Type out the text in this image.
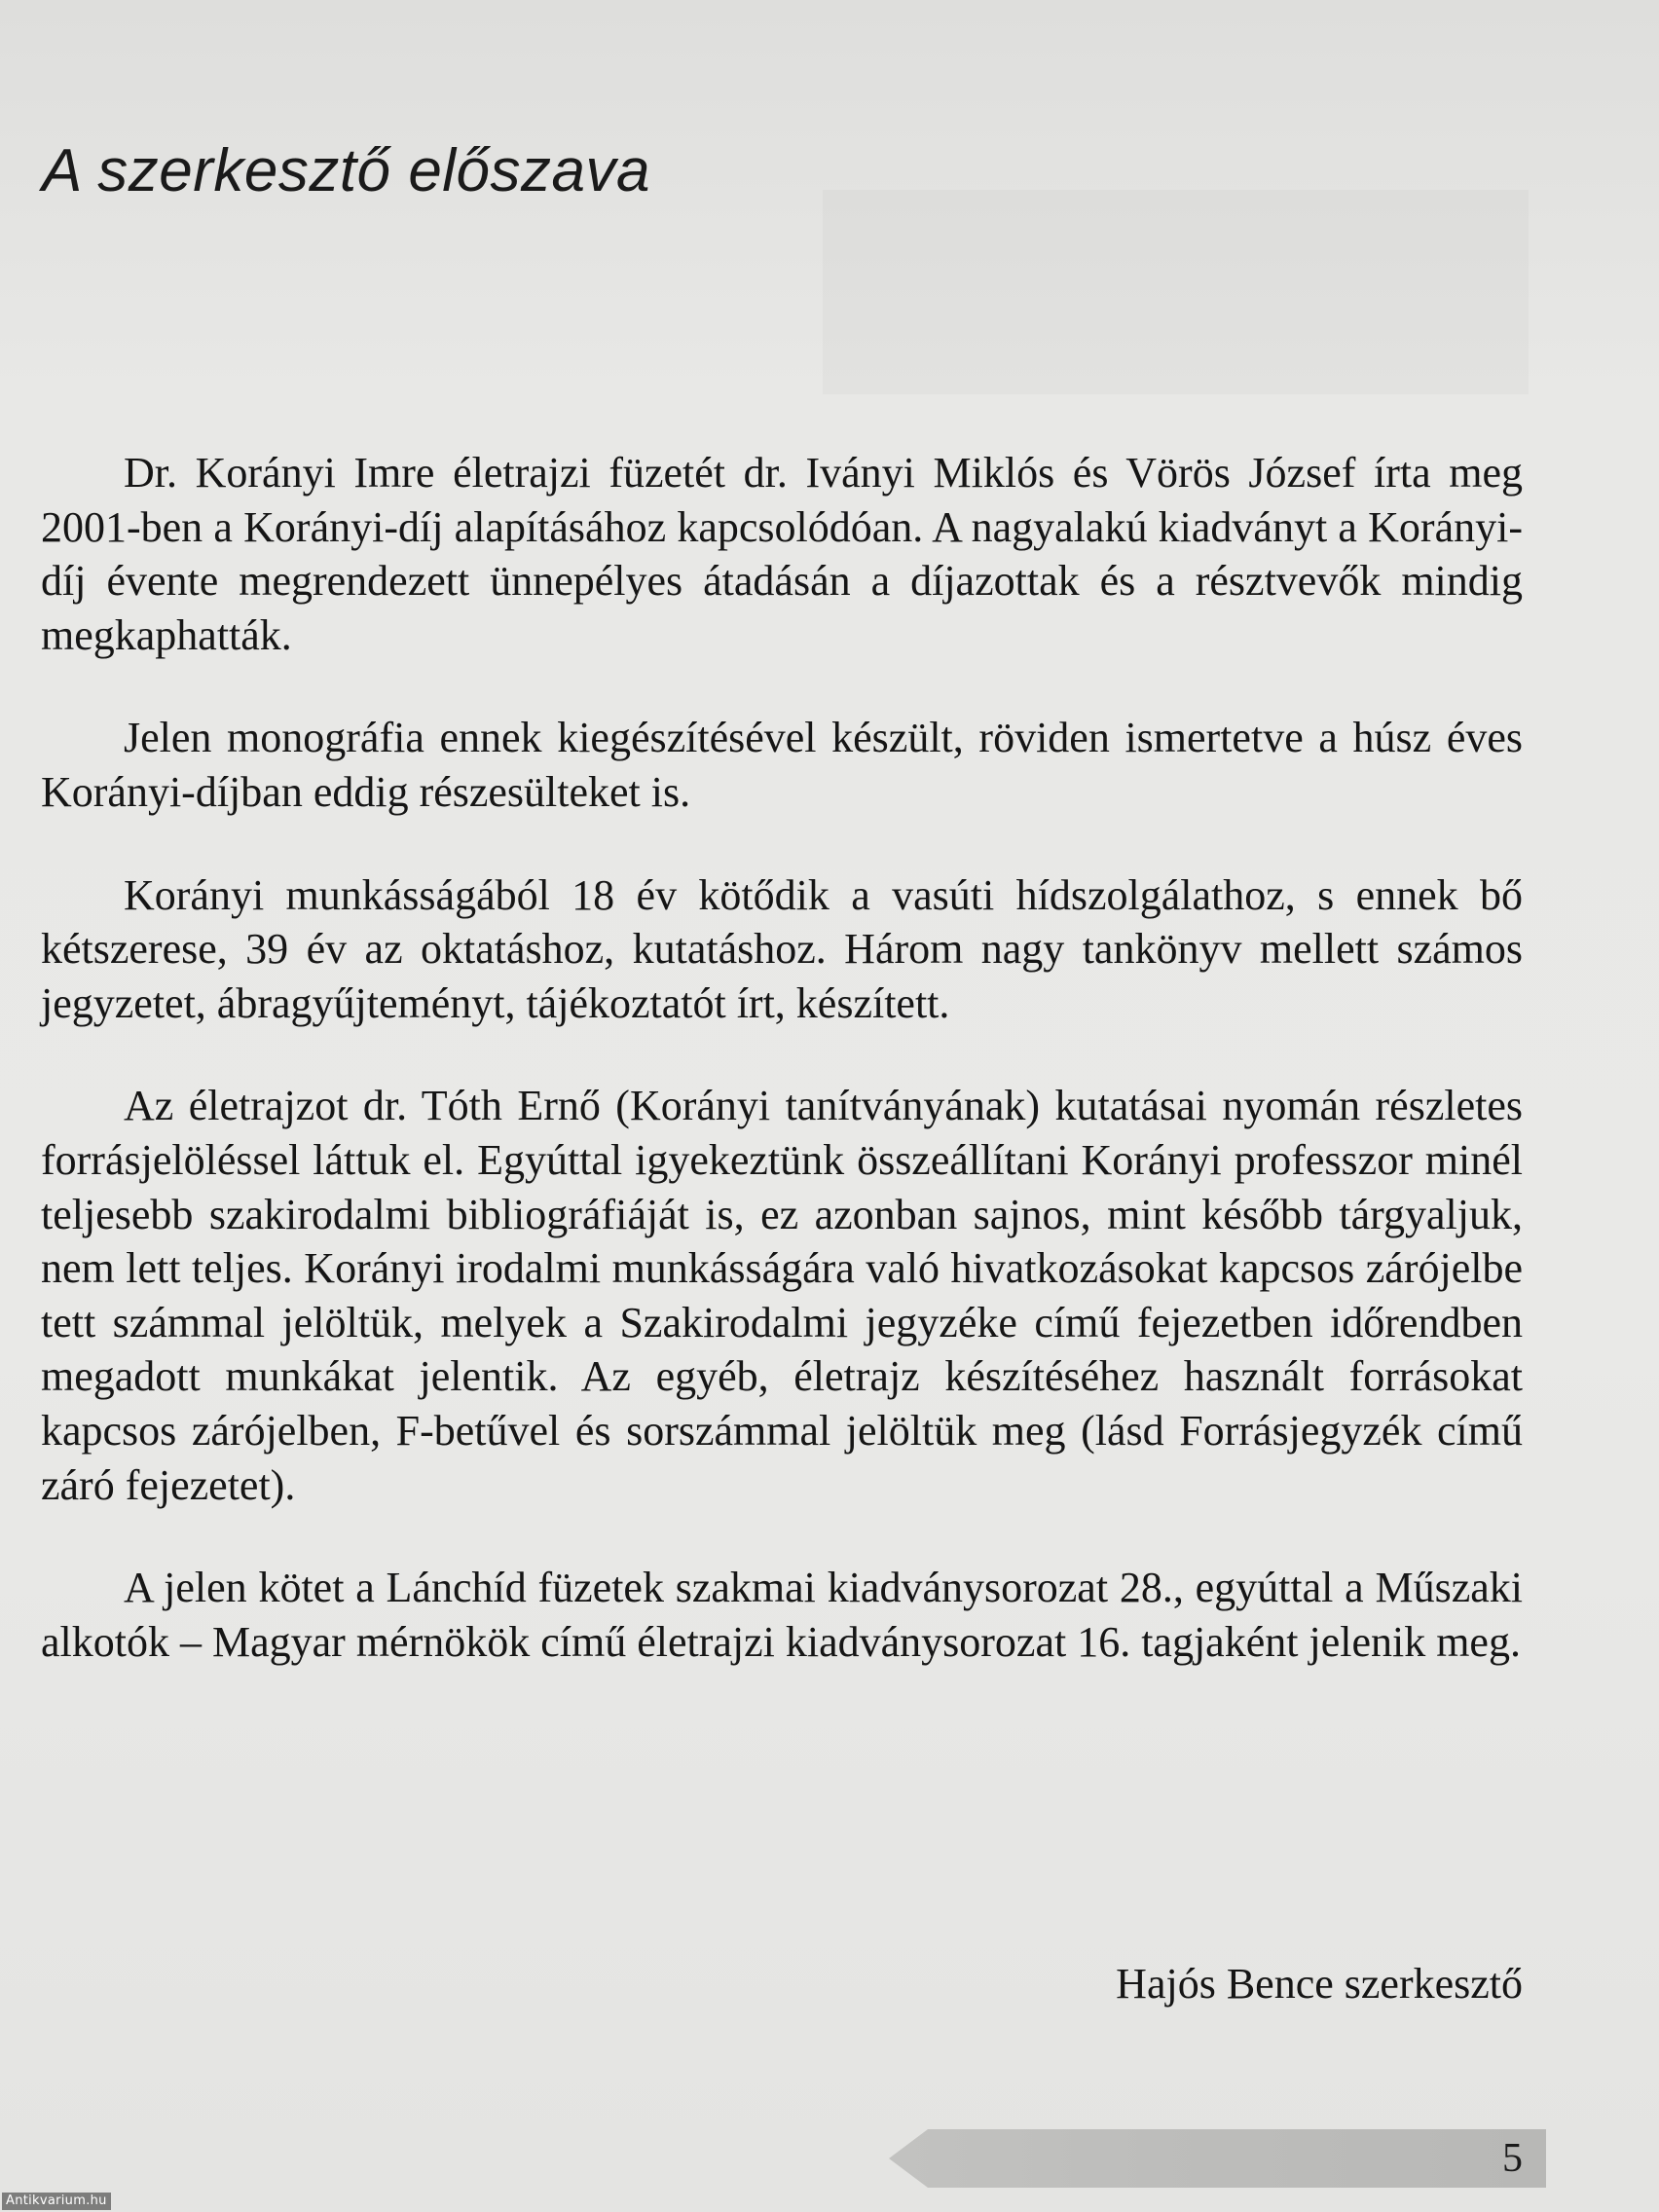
A szerkesztő előszava

Dr. Korányi Imre életrajzi füzetét dr. Iványi Miklós és Vörös József írta meg 2001-ben a Korányi-díj alapításához kapcsolódóan. A nagyalakú kiadványt a Korányi-díj évente megrendezett ünnepélyes átadásán a díjazottak és a résztvevők mindig megkaphatták.

Jelen monográfia ennek kiegészítésével készült, röviden ismertetve a húsz éves Korányi-díjban eddig részesülteket is.

Korányi munkásságából 18 év kötődik a vasúti hídszolgálathoz, s ennek bő kétszerese, 39 év az oktatáshoz, kutatáshoz. Három nagy tankönyv mellett számos jegyzetet, ábragyűjteményt, tájékoztatót írt, készített.

Az életrajzot dr. Tóth Ernő (Korányi tanítványának) kutatásai nyomán részletes forrásjelöléssel láttuk el. Egyúttal igyekeztünk összeállítani Korányi professzor minél teljesebb szakirodalmi bibliográfiáját is, ez azonban sajnos, mint később tárgyaljuk, nem lett teljes. Korányi irodalmi munkásságára való hivatkozásokat kapcsos zárójelbe tett számmal jelöltük, melyek a Szakirodalmi jegyzéke című fejezetben időrendben megadott munkákat jelentik. Az egyéb, életrajz készítéséhez használt forrásokat kapcsos zárójelben, F-betűvel és sorszámmal jelöltük meg (lásd Forrásjegyzék című záró fejezetet).

A jelen kötet a Lánchíd füzetek szakmai kiadványsorozat 28., egyúttal a Műszaki alkotók – Magyar mérnökök című életrajzi kiadványsorozat 16. tagjaként jelenik meg.

Hajós Bence szerkesztő

5

Antikvarium.hu
